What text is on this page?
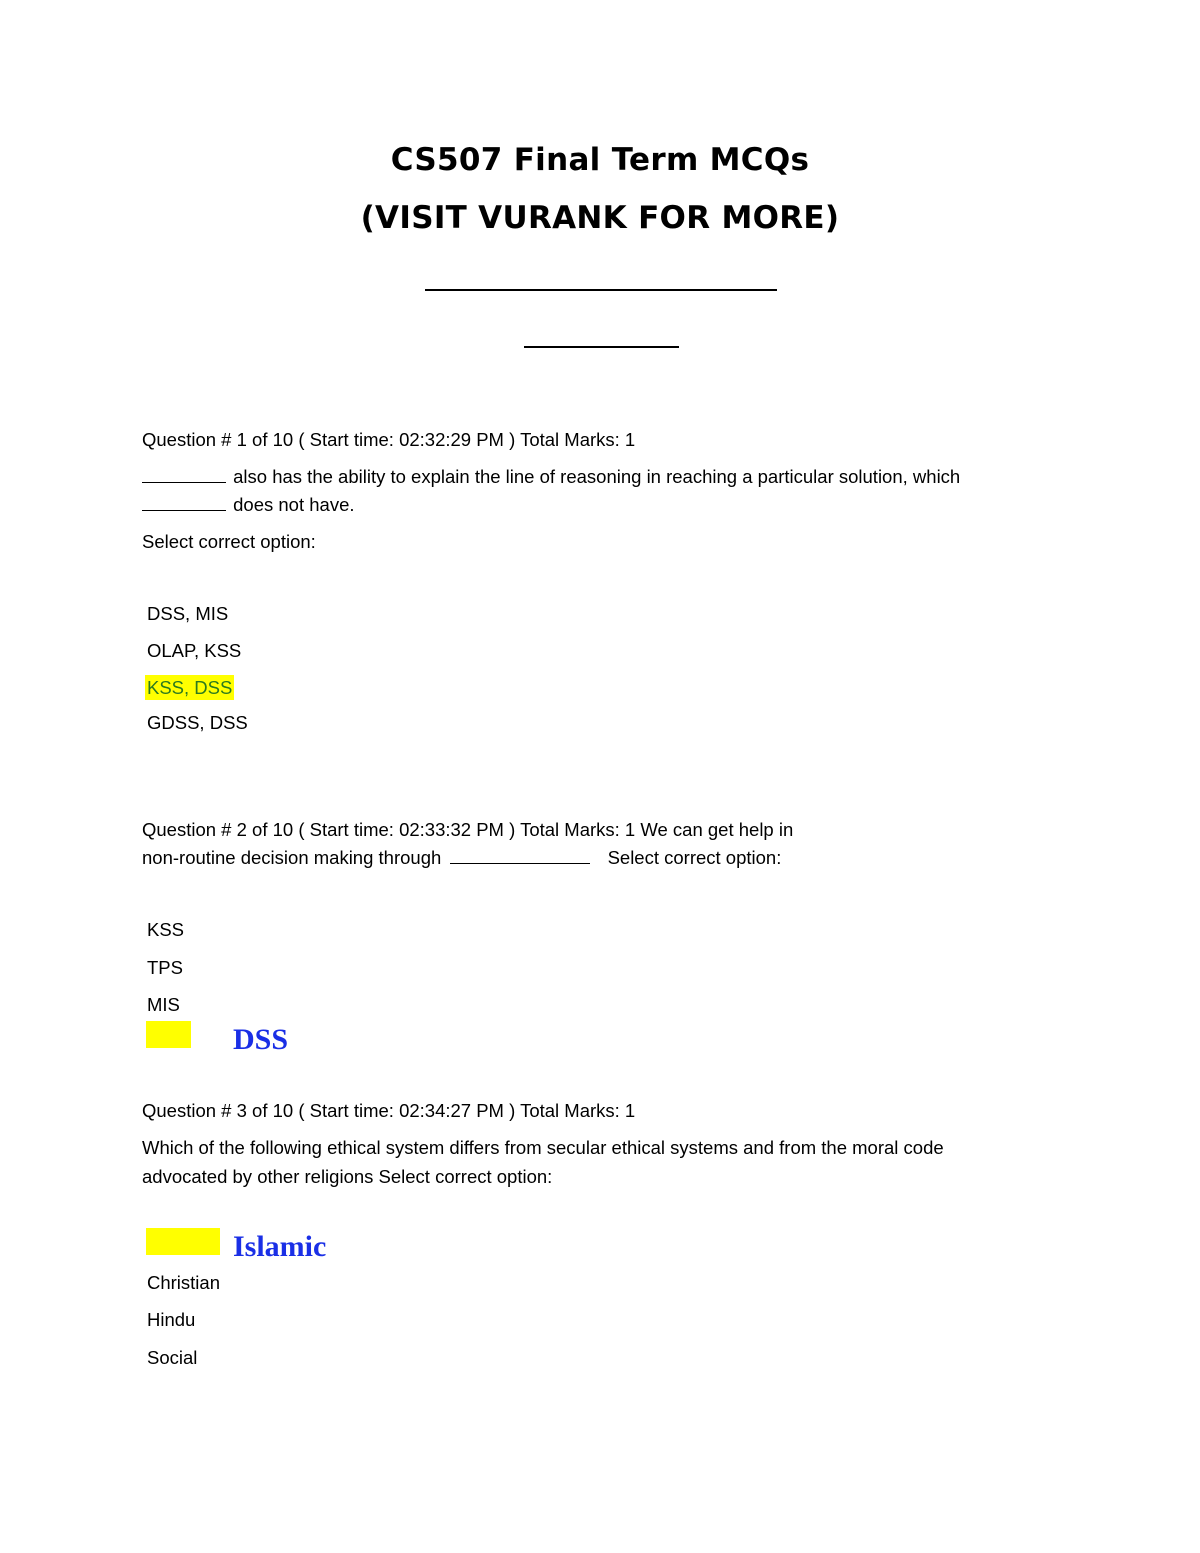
CS507 Final Term MCQs
(VISIT VURANK FOR MORE)
Question # 1 of 10 ( Start time: 02:32:29 PM ) Total Marks: 1
also has the ability to explain the line of reasoning in reaching a particular solution, which
does not have.
Select correct option:
DSS, MIS
OLAP, KSS
KSS, DSS
GDSS, DSS
Question # 2 of 10 ( Start time: 02:33:32 PM ) Total Marks: 1 We can get help in
non-routine decision making through	Select correct option:
KSS
TPS
MIS
DSS
Question # 3 of 10 ( Start time: 02:34:27 PM ) Total Marks: 1
Which of the following ethical system differs from secular ethical systems and from the moral code
advocated by other religions Select correct option:
Islamic
Christian
Hindu
Social
